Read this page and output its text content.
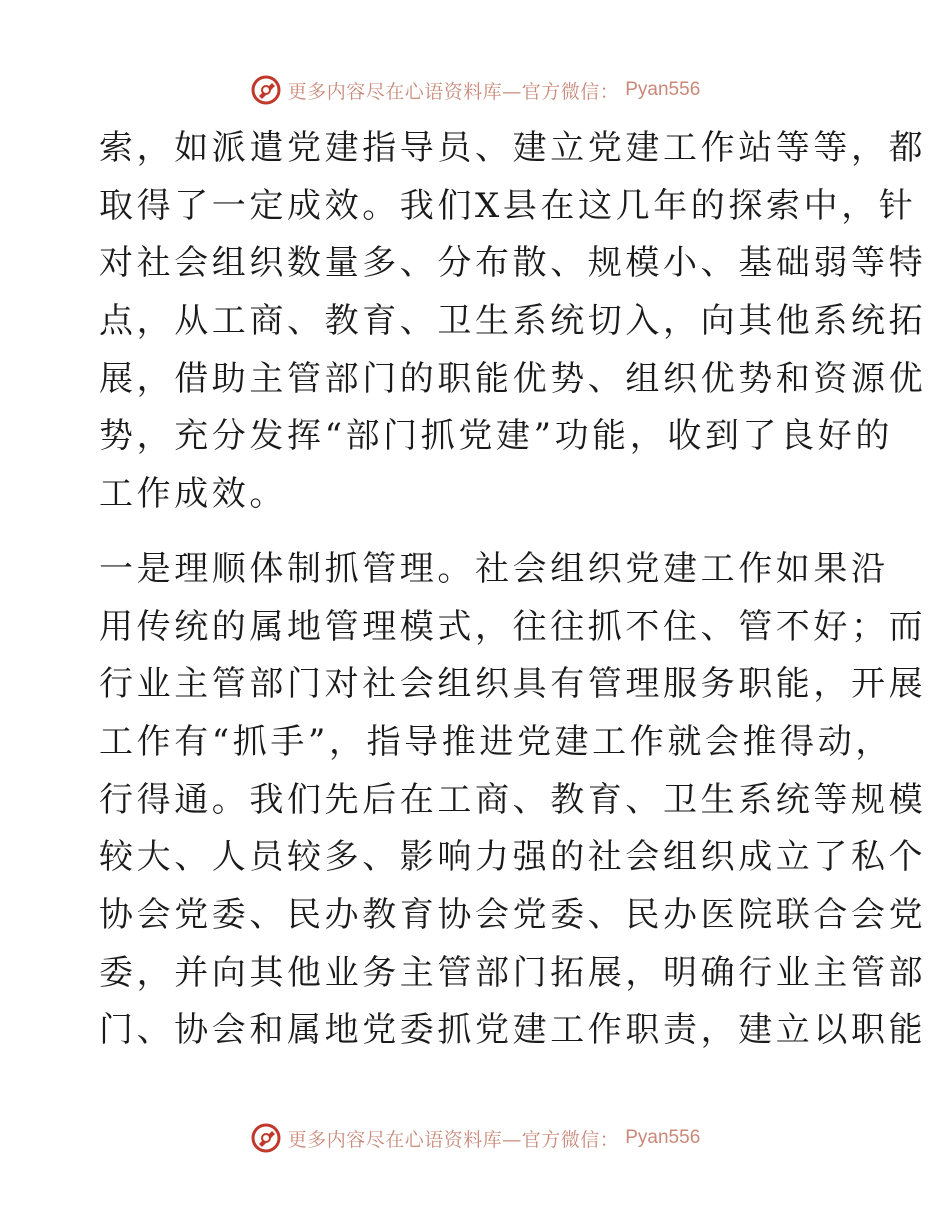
更多内容尽在心语资料库—官方微信： Pyan556

索，如派遣党建指导员、建立党建工作站等等，都
取得了一定成效。我们X县在这几年的探索中，针
对社会组织数量多、分布散、规模小、基础弱等特
点，从工商、教育、卫生系统切入，向其他系统拓
展，借助主管部门的职能优势、组织优势和资源优
势，充分发挥“部门抓党建”功能，收到了良好的
工作成效。

一是理顺体制抓管理。社会组织党建工作如果沿
用传统的属地管理模式，往往抓不住、管不好；而
行业主管部门对社会组织具有管理服务职能，开展
工作有“抓手”，指导推进党建工作就会推得动，
行得通。我们先后在工商、教育、卫生系统等规模
较大、人员较多、影响力强的社会组织成立了私个
协会党委、民办教育协会党委、民办医院联合会党
委，并向其他业务主管部门拓展，明确行业主管部
门、协会和属地党委抓党建工作职责，建立以职能

更多内容尽在心语资料库—官方微信： Pyan556
